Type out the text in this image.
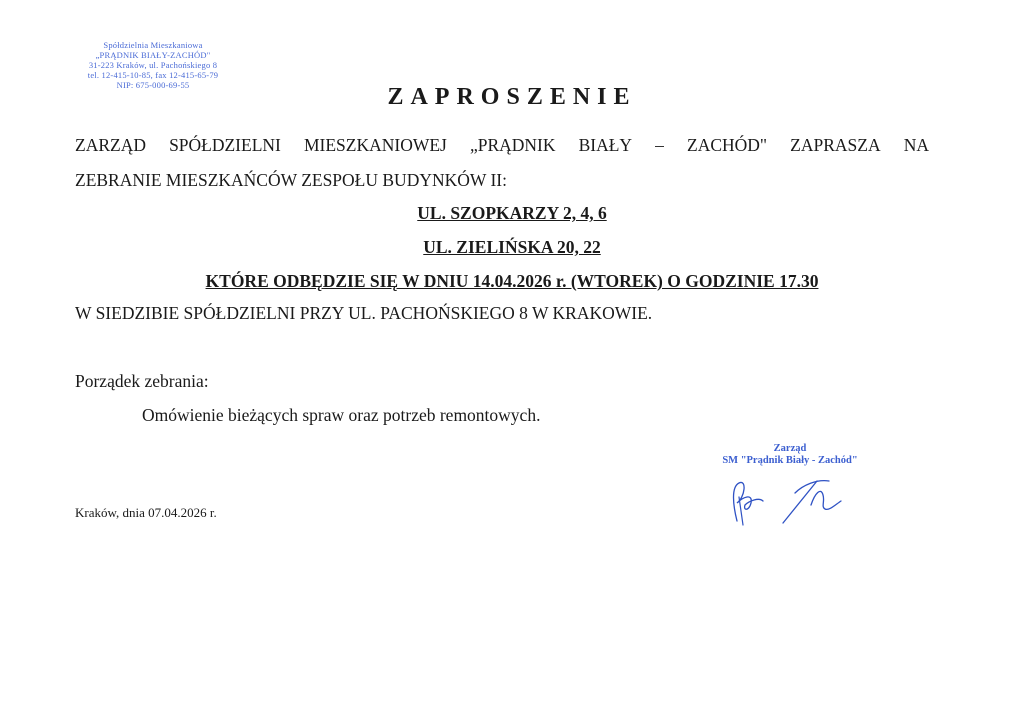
Spółdzielnia Mieszkaniowa
„PRĄDNIK BIAŁY-ZACHÓD"
31-223 Kraków, ul. Pachońskiego 8
tel. 12-415-10-85, fax 12-415-65-79
NIP: 675-000-69-55	ZAPROSZENIE
ZARZĄD SPÓŁDZIELNI MIESZKANIOWEJ „PRĄDNIK BIAŁY – ZACHÓD" ZAPRASZA NA
ZEBRANIE MIESZKAŃCÓW ZESPOŁU BUDYNKÓW II:
UL. SZOPKARZY 2, 4, 6
UL. ZIELIŃSKA 20, 22
KTÓRE ODBĘDZIE SIĘ W DNIU 14.04.2026 r. (WTOREK) O GODZINIE 17.30
W SIEDZIBIE SPÓŁDZIELNI PRZY UL. PACHOŃSKIEGO 8 W KRAKOWIE.
Porządek zebrania:
Omówienie bieżących spraw oraz potrzeb remontowych.
Zarząd
SM "Prądnik Biały - Zachód"
Kraków, dnia 07.04.2026 r.
